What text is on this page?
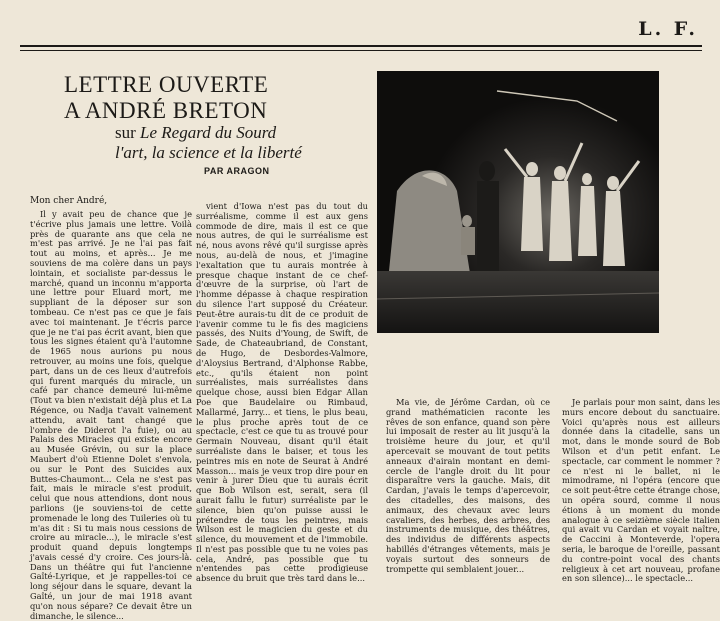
L. F.
LETTRE OUVERTE
A ANDRÉ BRETON
sur Le Regard du Sourd
l'art, la science et la liberté
PAR ARAGON
Mon cher André,

Il y avait peu de chance que je t'écrive plus jamais une lettre. Voilà près de quarante ans que cela ne m'est pas arrivé. Je ne l'ai pas fait tout au moins, et après... Je me souviens de ma colère dans un pays lointain, et socialiste par-dessus le marché, quand un inconnu m'apporta une lettre pour Eluard mort, me suppliant de la déposer sur son tombeau. Ce n'est pas ce que je fais avec toi maintenant. Je t'écris parce que je ne t'ai pas écrit avant, bien que tous les signes étaient qu'à l'automne de 1965 nous aurions pu nous retrouver, au moins une fois, quelque part, dans un de ces lieux d'autrefois qui furent marqués du miracle, un café par chance demeuré lui-même (Tout va bien n'existait déjà plus et La Régence, ou Nadja t'avait vainement attendu, avait tant changé que l'ombre de Diderot l'a fuie), ou au Palais des Miracles qui existe encore au Musée Grévin, ou sur la place Maubert d'où Etienne Dolet s'envola, ou sur le Pont des Suicides aux Buttes-Chaumont... Cela ne s'est pas fait, mais le miracle s'est produit, celui que nous attendions, dont nous parlions (je souviens-toi de cette promenade le long des Tuileries où tu m'as dit : Si tu mais nous cessions de croire au miracle...), le miracle s'est produit quand depuis longtemps j'avais cessé d'y croire. Ces jours-là. Dans un théâtre qui fut l'ancienne Gaîté-Lyrique, et je rappelles-toi ce long séjour dans le square, devant la Gaîté, un jour de mai 1918 avant qu'on nous sépare? Ce devait être un dimanche, le silence...

vient d'Iowa n'est pas du tout du surréalisme, comme il est aux gens commode de dire, mais il est ce que nous autres, de qui le surréalisme est né, nous avons rêvé qu'il surgisse après nous, au-delà de nous, et j'imagine l'exaltation que tu aurais montrée à presque chaque instant de ce chef-d'œuvre de la surprise, où l'art de l'homme dépasse à chaque respiration du silence l'art supposé du Créateur. Peut-être aurais-tu dit de ce produit de l'avenir comme tu le fis des magiciens passés, des Nuits d'Young, de Swift, de Sade, de Chateaubriand, de Constant, de Hugo, de Desbordes-Valmore, d'Aloysius Bertrand, d'Alphonse Rabbe, etc., qu'ils étaient non point surréalistes, mais surréalistes dans quelque chose, aussi bien Edgar Allan Poe que Baudelaire ou Rimbaud, Mallarmé, Jarry... et tiens, le plus beau, le plus proche après tout de ce spectacle, c'est ce que tu as trouvé pour Germain Nouveau, disant qu'il était surréaliste dans le baiser, et tous les peintres mis en note de Seurat à André Masson... mais je veux trop dire pour en venir à jurer Dieu que tu aurais écrit que Bob Wilson est, serait, sera (il aurait fallu le futur) surréaliste par le silence, bien qu'on puisse aussi le prétendre de tous les peintres, mais Wilson est le magicien du geste et du silence, du mouvement et de l'immobile. Il n'est pas possible que tu ne voies pas cela, André, pas possible que tu n'entendes pas cette prodigieuse absence du bruit que très tard dans le...

Ma vie, de Jérôme Cardan, où ce grand mathématicien raconte les rêves de son enfance, quand son père lui imposait de rester au lit jusqu'à la troisième heure du jour, et qu'il apercevait se mouvant de tout petits anneaux d'airain montant en demi-cercle de l'angle droit du lit pour disparaître vers la gauche. Mais, dit Cardan, j'avais le temps d'apercevoir, des citadelles, des maisons, des animaux, des chevaux avec leurs cavaliers, des herbes, des arbres, des instruments de musique, des théâtres, des individus de différents aspects habillés d'étranges vêtements, mais je voyais surtout des sonneurs de trompette qui semblaient jouer...

Je parlais pour mon saint, dans les murs encore debout du sanctuaire. Voici qu'après nous est ailleurs donnée dans la citadelle, sans un mot, dans le monde sourd de Bob Wilson et d'un petit enfant. Le spectacle, car comment le nommer ? ce n'est ni le ballet, ni le mimodrame, ni l'opéra (encore que ce soit peut-être cette étrange chose, un opéra sourd, comme il nous étions à un moment du monde analogue à ce seizième siècle italien qui avait vu Cardan et voyait naître, de Caccini à Monteverde, l'opera seria, le baroque de l'oreille, passant du contre-point vocal des chants religieux à cet art nouveau, profane en son silence)... le spectacle...
